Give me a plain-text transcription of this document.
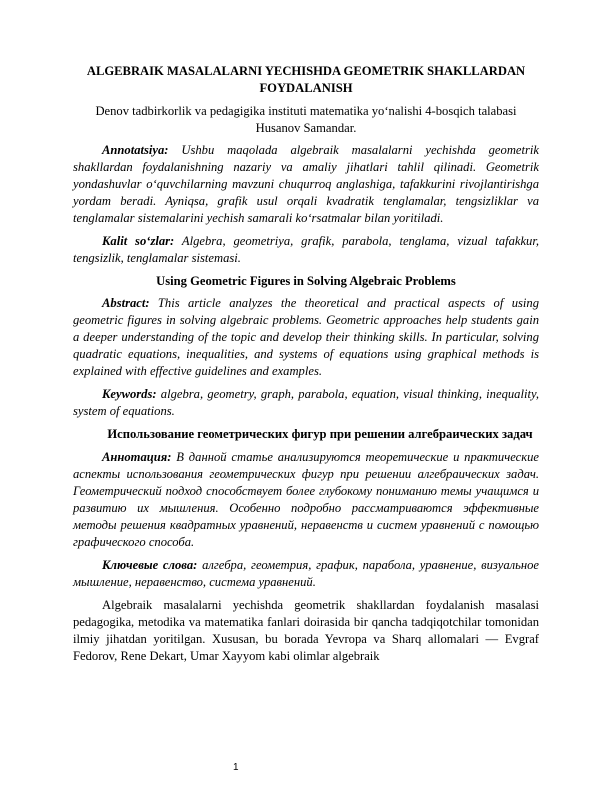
ALGEBRAIK MASALALARNI YECHISHDA GEOMETRIK SHAKLLARDAN FOYDALANISH

Denov tadbirkorlik va pedagigika instituti matematika yo‘nalishi 4-bosqich talabasi Husanov Samandar.

Annotatsiya: Ushbu maqolada algebraik masalalarni yechishda geometrik shakllardan foydalanishning nazariy va amaliy jihatlari tahlil qilinadi. Geometrik yondashuvlar o‘quvchilarning mavzuni chuqurroq anglashiga, tafakkurini rivojlantirishga yordam beradi. Ayniqsa, grafik usul orqali kvadratik tenglamalar, tengsizliklar va tenglamalar sistemalarini yechish samarali ko‘rsatmalar bilan yoritiladi.

Kalit so‘zlar: Algebra, geometriya, grafik, parabola, tenglama, vizual tafakkur, tengsizlik, tenglamalar sistemasi.

Using Geometric Figures in Solving Algebraic Problems

Abstract: This article analyzes the theoretical and practical aspects of using geometric figures in solving algebraic problems. Geometric approaches help students gain a deeper understanding of the topic and develop their thinking skills. In particular, solving quadratic equations, inequalities, and systems of equations using graphical methods is explained with effective guidelines and examples.

Keywords: algebra, geometry, graph, parabola, equation, visual thinking, inequality, system of equations.

Использование геометрических фигур при решении алгебраических задач

Аннотация: В данной статье анализируются теоретические и практические аспекты использования геометрических фигур при решении алгебраических задач. Геометрический подход способствует более глубокому пониманию темы учащимся и развитию их мышления. Особенно подробно рассматриваются эффективные методы решения квадратных уравнений, неравенств и систем уравнений с помощью графического способа.

Ключевые слова: алгебра, геометрия, график, парабола, уравнение, визуальное мышление, неравенство, система уравнений.

Algebraik masalalarni yechishda geometrik shakllardan foydalanish masalasi pedagogika, metodika va matematika fanlari doirasida bir qancha tadqiqotchilar tomonidan ilmiy jihatdan yoritilgan. Xususan, bu borada Yevropa va Sharq allomalari — Evgraf Fedorov, Rene Dekart, Umar Xayyom kabi olimlar algebraik

1
